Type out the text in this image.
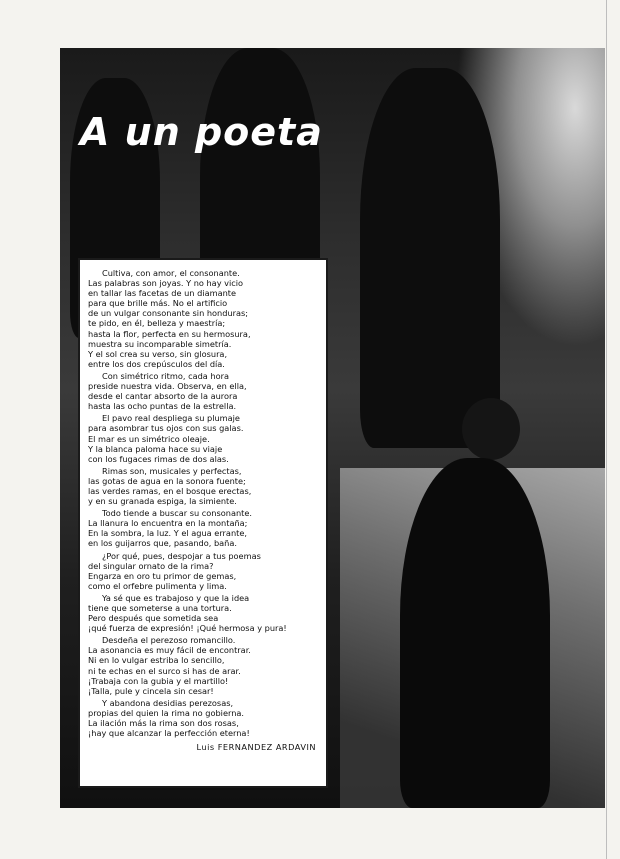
A un poeta
Cultiva, con amor, el consonante.
Las palabras son joyas. Y no hay vicio
en tallar las facetas de un diamante
para que brille más. No el artificio
de un vulgar consonante sin honduras;
te pido, en él, belleza y maestría;
hasta la flor, perfecta en su hermosura,
muestra su incomparable simetría.
Y el sol crea su verso, sin glosura,
entre los dos crepúsculos del día.
Con simétrico ritmo, cada hora
preside nuestra vida. Observa, en ella,
desde el cantar absorto de la aurora
hasta las ocho puntas de la estrella.
El pavo real despliega su plumaje
para asombrar tus ojos con sus galas.
El mar es un simétrico oleaje.
Y la blanca paloma hace su viaje
con los fugaces rimas de dos alas.
Rimas son, musicales y perfectas,
las gotas de agua en la sonora fuente;
las verdes ramas, en el bosque erectas,
y en su granada espiga, la simiente.
Todo tiende a buscar su consonante.
La llanura lo encuentra en la montaña;
En la sombra, la luz. Y el agua errante,
en los guijarros que, pasando, baña.
¿Por qué, pues, despojar a tus poemas
del singular ornato de la rima?
Engarza en oro tu primor de gemas,
como el orfebre pulimenta y lima.
Ya sé que es trabajoso y que la idea
tiene que someterse a una tortura.
Pero después que sometida sea
¡qué fuerza de expresión! ¡Qué hermosa y pura!
Desdeña el perezoso romancillo.
La asonancia es muy fácil de encontrar.
Ni en lo vulgar estriba lo sencillo,
ni te echas en el surco si has de arar.
¡Trabaja con la gubia y el martillo!
¡Talla, pule y cincela sin cesar!
Y abandona desidias perezosas,
propias del quien la rima no gobierna.
La ilación más la rima son dos rosas,
¡hay que alcanzar la perfección eterna!
Luis FERNANDEZ ARDAVIN
